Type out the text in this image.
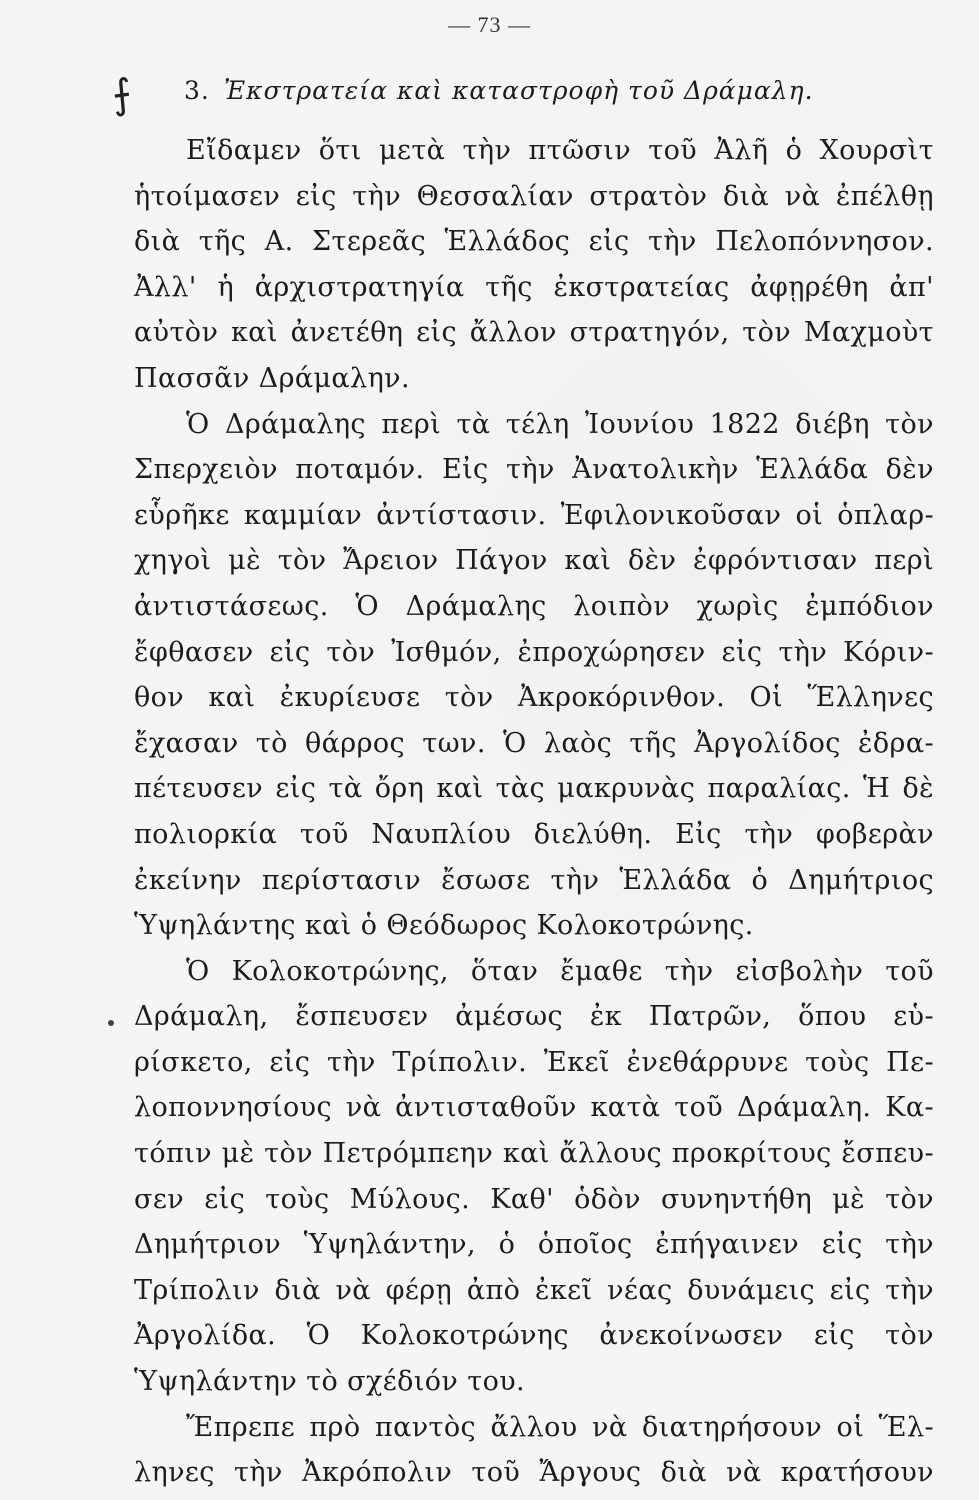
— 73 —
⨍	3. Ἐκστρατεία καὶ καταστροφὴ τοῦ Δράμαλη.
Εἴδαμεν ὅτι μετὰ τὴν πτῶσιν τοῦ Ἀλῆ ὁ Χουρσὶτ
ἡτοίμασεν εἰς τὴν Θεσσαλίαν στρατὸν διὰ νὰ ἐπέλθῃ
διὰ τῆς Α. Στερεᾶς Ἑλλάδος εἰς τὴν Πελοπόννησον.
Ἀλλ' ἡ ἀρχιστρατηγία τῆς ἐκστρατείας ἀφῃρέθη ἀπ'
αὐτὸν καὶ ἀνετέθη εἰς ἄλλον στρατηγόν, τὸν Μαχμοὺτ
Πασσᾶν Δράμαλην.
Ὁ Δράμαλης περὶ τὰ τέλη Ἰουνίου 1822 διέβη τὸν
Σπερχειὸν ποταμόν. Εἰς τὴν Ἀνατολικὴν Ἑλλάδα δὲν
εὗρῆκε καμμίαν ἀντίστασιν. Ἐφιλονικοῦσαν οἱ ὁπλαρ-
χηγοὶ μὲ τὸν Ἄρειον Πάγον καὶ δὲν ἐφρόντισαν περὶ
ἀντιστάσεως. Ὁ Δράμαλης λοιπὸν χωρὶς ἐμπόδιον
ἔφθασεν εἰς τὸν Ἰσθμόν, ἐπροχώρησεν εἰς τὴν Κόριν-
θον καὶ ἐκυρίευσε τὸν Ἀκροκόρινθον. Οἱ Ἕλληνες
ἔχασαν τὸ θάρρος των. Ὁ λαὸς τῆς Ἀργολίδος ἐδρα-
πέτευσεν εἰς τὰ ὄρη καὶ τὰς μακρυνὰς παραλίας. Ἡ δὲ
πολιορκία τοῦ Ναυπλίου διελύθη. Εἰς τὴν φοβερὰν
ἐκείνην περίστασιν ἔσωσε τὴν Ἑλλάδα ὁ Δημήτριος
Ὑψηλάντης καὶ ὁ Θεόδωρος Κολοκοτρώνης.
Ὁ Κολοκοτρώνης, ὅταν ἔμαθε τὴν εἰσβολὴν τοῦ
Δράμαλη, ἔσπευσεν ἀμέσως ἐκ Πατρῶν, ὅπου εὑ-
ρίσκετο, εἰς τὴν Τρίπολιν. Ἐκεῖ ἐνεθάρρυνε τοὺς Πε-
λοποννησίους νὰ ἀντισταθοῦν κατὰ τοῦ Δράμαλη. Κα-
τόπιν μὲ τὸν Πετρόμπεην καὶ ἄλλους προκρίτους ἔσπευ-
σεν εἰς τοὺς Μύλους. Καθ' ὁδὸν συνηντήθη μὲ τὸν
Δημήτριον Ὑψηλάντην, ὁ ὁποῖος ἐπήγαινεν εἰς τὴν
Τρίπολιν διὰ νὰ φέρῃ ἀπὸ ἐκεῖ νέας δυνάμεις εἰς τὴν
Ἀργολίδα. Ὁ Κολοκοτρώνης ἀνεκοίνωσεν εἰς τὸν
Ὑψηλάντην τὸ σχέδιόν του.
Ἔπρεπε πρὸ παντὸς ἄλλου νὰ διατηρήσουν οἱ Ἕλ-
ληνες τὴν Ἀκρόπολιν τοῦ Ἄργους διὰ νὰ κρατήσουν
